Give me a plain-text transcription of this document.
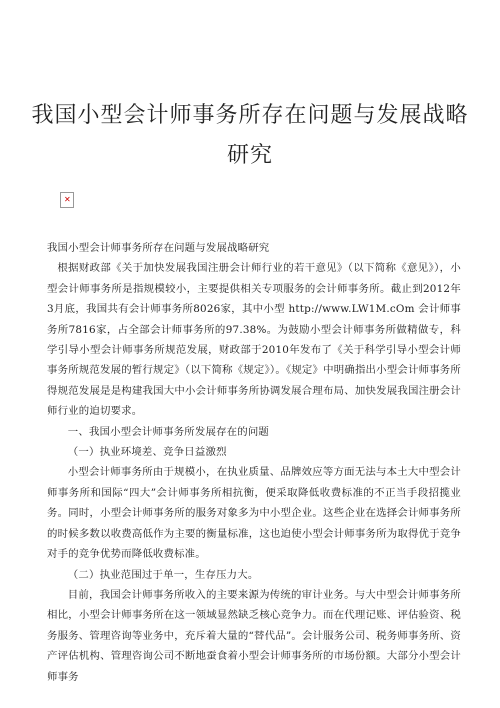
我国小型会计师事务所存在问题与发展战略研究
✕

我国小型会计师事务所存在问题与发展战略研究

根据财政部《关于加快发展我国注册会计师行业的若干意见》（以下简称《意见》），小型会计师事务所是指规模较小，主要提供相关专项服务的会计师事务所。截止到2012年3月底，我国共有会计师事务所8026家，其中小型 http://www.LW1M.cOm 会计师事务所7816家，占全部会计师事务所的97.38%。为鼓励小型会计师事务所做精做专，科学引导小型会计师事务所规范发展，财政部于2010年发布了《关于科学引导小型会计师事务所规范发展的暂行规定》（以下简称《规定》）。《规定》中明确指出小型会计师事务所得规范发展是是构建我国大中小会计师事务所协调发展合理布局、加快发展我国注册会计师行业的迫切要求。

一、我国小型会计师事务所发展存在的问题

（一）执业环境差、竞争日益激烈

小型会计师事务所由于规模小，在执业质量、品牌效应等方面无法与本土大中型会计师事务所和国际“四大”会计师事务所相抗衡，便采取降低收费标准的不正当手段招揽业务。同时，小型会计师事务所的服务对象多为中小型企业。这些企业在选择会计师事务所的时候多数以收费高低作为主要的衡量标准，这也迫使小型会计师事务所为取得优于竞争对手的竞争优势而降低收费标准。

（二）执业范围过于单一，生存压力大。

目前，我国会计师事务所收入的主要来源为传统的审计业务。与大中型会计师事务所相比，小型会计师事务所在这一领域显然缺乏核心竞争力。而在代理记账、评估验资、税务服务、管理咨询等业务中，充斥着大量的“替代品”。会计服务公司、税务师事务所、资产评估机构、管理咨询公司不断地蚕食着小型会计师事务所的市场份额。大部分小型会计师事务
